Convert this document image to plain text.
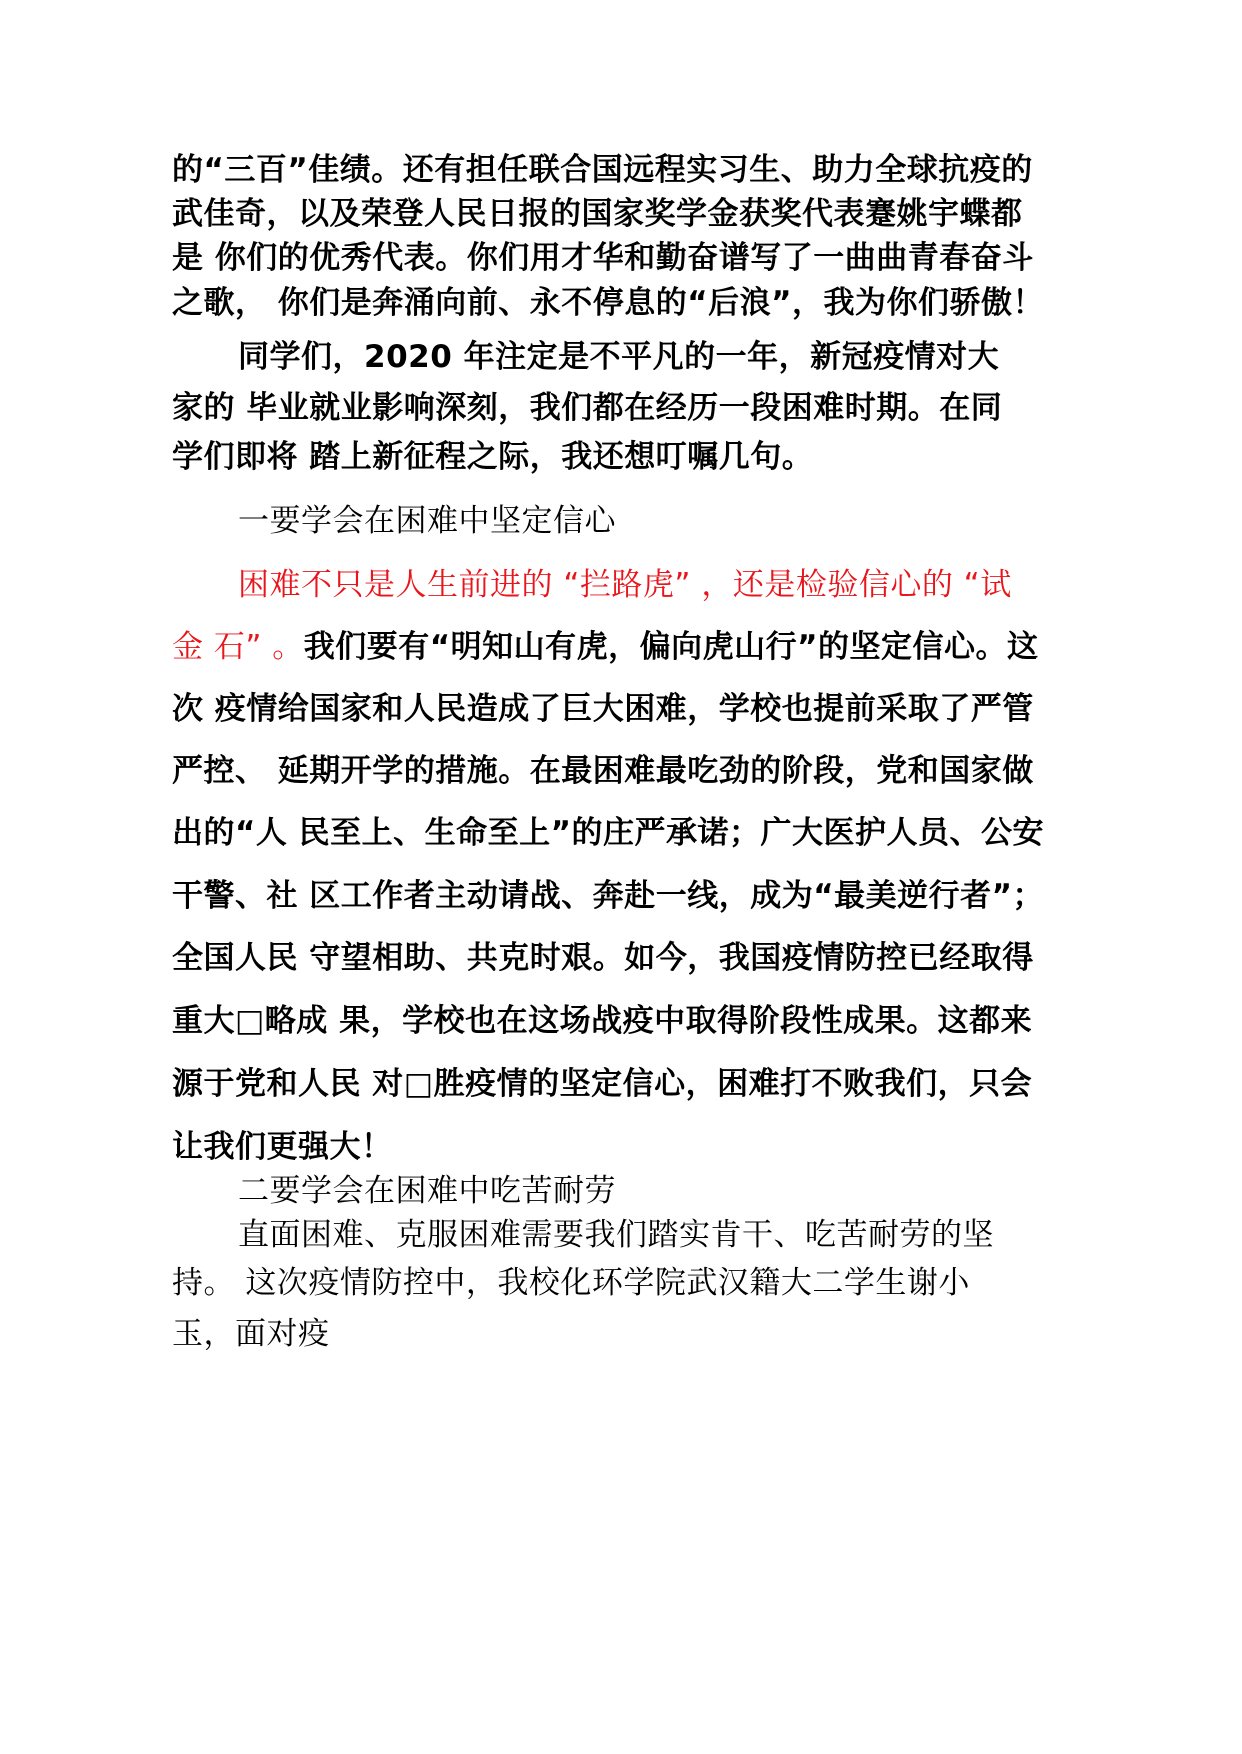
的“三百”佳绩。还有担任联合国远程实习生、助力全球抗疫的

武佳奇，以及荣登人民日报的国家奖学金获奖代表蹇姚宇蝶都

是 你们的优秀代表。你们用才华和勤奋谱写了一曲曲青春奋斗

之歌， 你们是奔涌向前、永不停息的“后浪”，我为你们骄傲！

同学们，2020 年注定是不平凡的一年，新冠疫情对大

家的 毕业就业影响深刻，我们都在经历一段困难时期。在同

学们即将 踏上新征程之际，我还想叮嘱几句。

一要学会在困难中坚定信心

困难不只是人生前进的 “拦路虎” ，还是检验信心的 “试

金 石” 。我们要有“明知山有虎，偏向虎山行”的坚定信心。这

次 疫情给国家和人民造成了巨大困难，学校也提前采取了严管

严控、 延期开学的措施。在最困难最吃劲的阶段，党和国家做

出的“人 民至上、生命至上”的庄严承诺；广大医护人员、公安

干警、社 区工作者主动请战、奔赴一线，成为“最美逆行者”；

全国人民 守望相助、共克时艰。如今，我国疫情防控已经取得

重大□略成 果，学校也在这场战疫中取得阶段性成果。这都来

源于党和人民 对□胜疫情的坚定信心，困难打不败我们，只会

让我们更强大！

二要学会在困难中吃苦耐劳

直面困难、克服困难需要我们踏实肯干、吃苦耐劳的坚

持。 这次疫情防控中，我校化环学院武汉籍大二学生谢小

玉，面对疫
